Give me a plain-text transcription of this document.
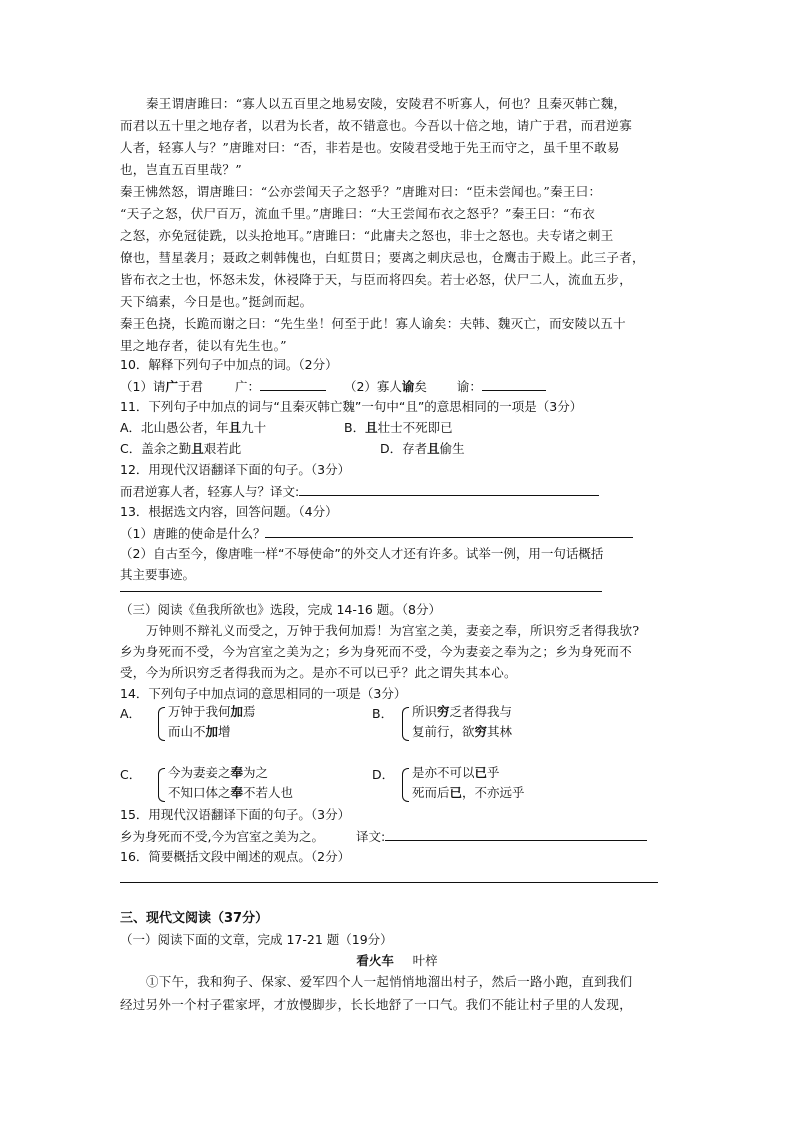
秦王谓唐雎曰：“寡人以五百里之地易安陵，安陵君不听寡人，何也？且秦灭韩亡魏，
而君以五十里之地存者，以君为长者，故不错意也。今吾以十倍之地，请广于君，而君逆寡
人者，轻寡人与？”唐雎对曰：“否，非若是也。安陵君受地于先王而守之，虽千里不敢易
也，岂直五百里哉？”
秦王怫然怒，谓唐雎曰：“公亦尝闻天子之怒乎？”唐雎对曰：“臣未尝闻也。”秦王曰：
“天子之怒，伏尸百万，流血千里。”唐雎曰：“大王尝闻布衣之怒乎？”秦王曰：“布衣
之怒，亦免冠徒跣，以头抢地耳。”唐雎曰：“此庸夫之怒也，非士之怒也。夫专诸之刺王
僚也，彗星袭月；聂政之刺韩傀也，白虹贯日；要离之刺庆忌也，仓鹰击于殿上。此三子者，
皆布衣之士也，怀怒未发，休祲降于天，与臣而将四矣。若士必怒，伏尸二人，流血五步，
天下缟素，今日是也。”挺剑而起。
秦王色挠，长跪而谢之曰：“先生坐！何至于此！寡人谕矣：夫韩、魏灭亡，而安陵以五十
里之地存者，徒以有先生也。”
10．解释下列句子中加点的词。（2分）
（1）请广于君	广：	（2）寡人谕矣 谕：
11．下列句子中加点的词与“且秦灭韩亡魏”一句中“且”的意思相同的一项是（3分）
A．北山愚公者，年且九十	B．且壮士不死即已
C．盖余之勤且艰若此	D．存者且偷生
12．用现代汉语翻译下面的句子。（3分）
而君逆寡人者，轻寡人与？译文:
13．根据选文内容，回答问题。（4分）
（1）唐雎的使命是什么？
（2）自古至今，像唐唯一样“不辱使命”的外交人才还有许多。试举一例，用一句话概括
其主要事迹。
（三）阅读《鱼我所欲也》选段，完成 14-16 题。（8分）
万钟则不辩礼义而受之，万钟于我何加焉！为宫室之美，妻妾之奉，所识穷乏者得我欤?
乡为身死而不受，今为宫室之美为之；乡为身死而不受，今为妻妾之奉为之；乡为身死而不
受，今为所识穷乏者得我而为之。是亦不可以已乎？此之谓失其本心。
14．下列句子中加点词的意思相同的一项是（3分）
A． 万钟于我何加焉
而山不加增
B． 所识穷乏者得我与
复前行，欲穷其林
C． 今为妻妾之奉为之
不知口体之奉不若人也
D． 是亦不可以已乎
死而后已，不亦远乎
15．用现代汉语翻译下面的句子。（3分）
乡为身死而不受,今为宫室之美为之。	译文:
16．简要概括文段中阐述的观点。（2分）
三、现代文阅读（37分）
（一）阅读下面的文章，完成 17-21 题（19分）
看火车 叶梓
①下午，我和狗子、保家、爱军四个人一起悄悄地溜出村子，然后一路小跑，直到我们
经过另外一个村子霍家坪，才放慢脚步，长长地舒了一口气。我们不能让村子里的人发现，
